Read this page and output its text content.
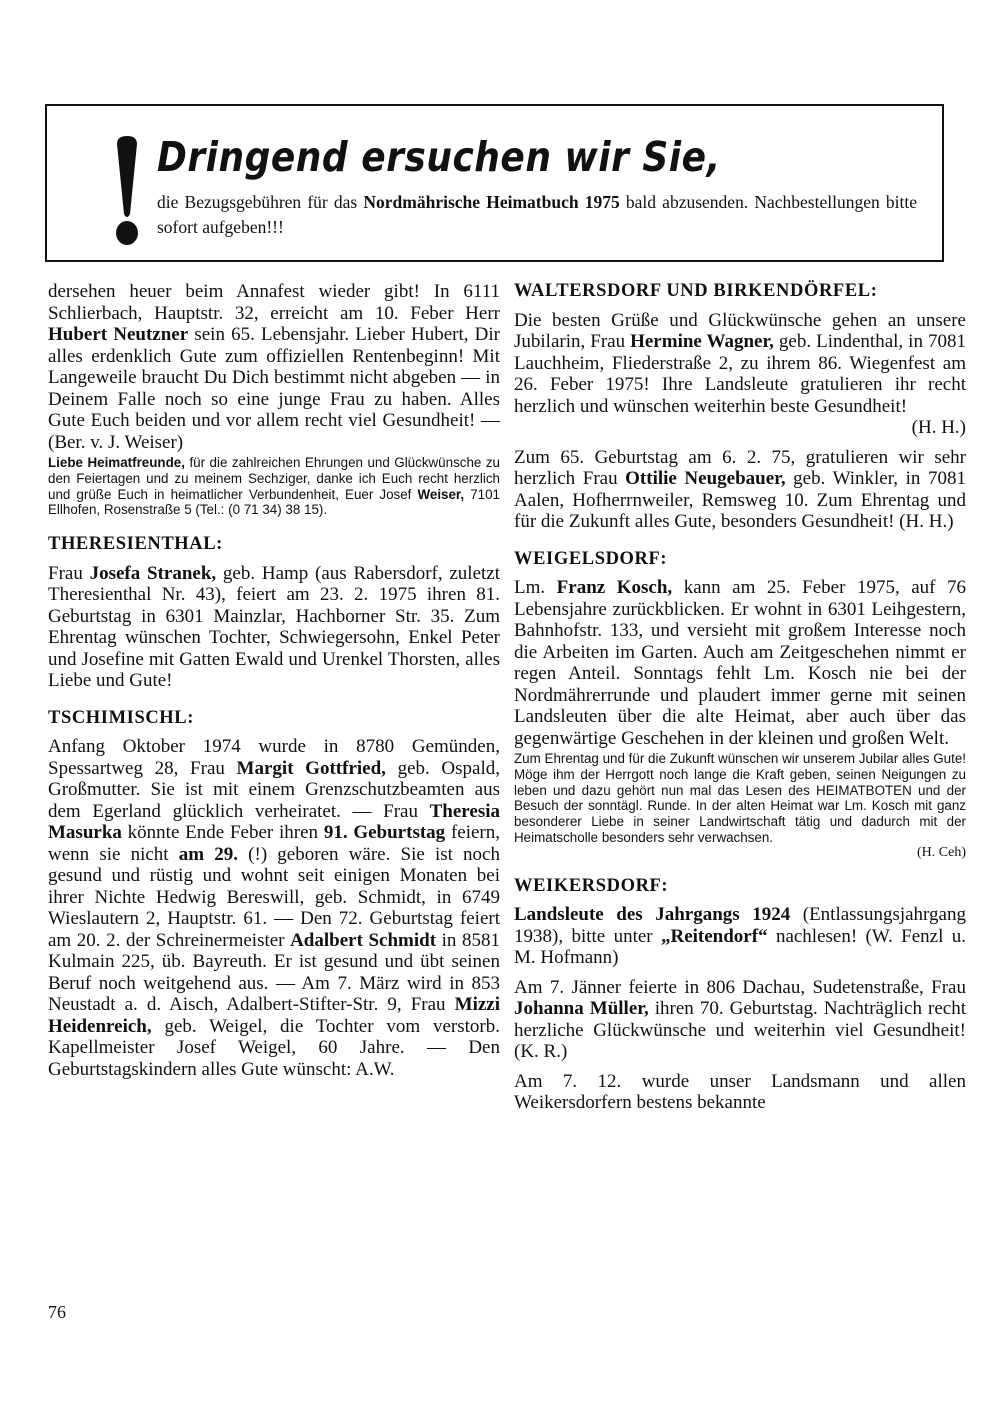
Dringend ersuchen wir Sie,
die Bezugsgebühren für das Nordmährische Heimatbuch 1975 bald abzusenden. Nachbestellungen bitte sofort aufgeben!!!

dersehen heuer beim Annafest wieder gibt! In 6111 Schlierbach, Hauptstr. 32, erreicht am 10. Feber Herr Hubert Neutzner sein 65. Lebensjahr. Lieber Hubert, Dir alles erdenklich Gute zum offiziellen Rentenbeginn! Mit Langeweile braucht Du Dich bestimmt nicht abgeben — in Deinem Falle noch so eine junge Frau zu haben. Alles Gute Euch beiden und vor allem recht viel Gesundheit! — (Ber. v. J. Weiser)

Liebe Heimatfreunde, für die zahlreichen Ehrungen und Glückwünsche zu den Feiertagen und zu meinem Sechziger, danke ich Euch recht herzlich und grüße Euch in heimatlicher Verbundenheit, Euer Josef Weiser, 7101 Ellhofen, Rosenstraße 5 (Tel.: (0 71 34) 38 15).

THERESIENTHAL:

Frau Josefa Stranek, geb. Hamp (aus Rabersdorf, zuletzt Theresienthal Nr. 43), feiert am 23. 2. 1975 ihren 81. Geburtstag in 6301 Mainzlar, Hachborner Str. 35. Zum Ehrentag wünschen Tochter, Schwiegersohn, Enkel Peter und Josefine mit Gatten Ewald und Urenkel Thorsten, alles Liebe und Gute!

TSCHIMISCHL:

Anfang Oktober 1974 wurde in 8780 Gemünden, Spessartweg 28, Frau Margit Gottfried, geb. Ospald, Großmutter. Sie ist mit einem Grenzschutzbeamten aus dem Egerland glücklich verheiratet. — Frau Theresia Masurka könnte Ende Feber ihren 91. Geburtstag feiern, wenn sie nicht am 29. (!) geboren wäre. Sie ist noch gesund und rüstig und wohnt seit einigen Monaten bei ihrer Nichte Hedwig Bereswill, geb. Schmidt, in 6749 Wieslautern 2, Hauptstr. 61. — Den 72. Geburtstag feiert am 20. 2. der Schreinermeister Adalbert Schmidt in 8581 Kulmain 225, üb. Bayreuth. Er ist gesund und übt seinen Beruf noch weitgehend aus. — Am 7. März wird in 853 Neustadt a. d. Aisch, Adalbert-Stifter-Str. 9, Frau Mizzi Heidenreich, geb. Weigel, die Tochter vom verstorb. Kapellmeister Josef Weigel, 60 Jahre. — Den Geburtstagskindern alles Gute wünscht: A.W.

WALTERSDORF UND BIRKENDÖRFEL:

Die besten Grüße und Glückwünsche gehen an unsere Jubilarin, Frau Hermine Wagner, geb. Lindenthal, in 7081 Lauchheim, Fliederstraße 2, zu ihrem 86. Wiegenfest am 26. Feber 1975! Ihre Landsleute gratulieren ihr recht herzlich und wünschen weiterhin beste Gesundheit!

(H. H.)

Zum 65. Geburtstag am 6. 2. 75, gratulieren wir sehr herzlich Frau Ottilie Neugebauer, geb. Winkler, in 7081 Aalen, Hofherrnweiler, Remsweg 10. Zum Ehrentag und für die Zukunft alles Gute, besonders Gesundheit! (H. H.)

WEIGELSDORF:

Lm. Franz Kosch, kann am 25. Feber 1975, auf 76 Lebensjahre zurückblicken. Er wohnt in 6301 Leihgestern, Bahnhofstr. 133, und versieht mit großem Interesse noch die Arbeiten im Garten. Auch am Zeitgeschehen nimmt er regen Anteil. Sonntags fehlt Lm. Kosch nie bei der Nordmährerrunde und plaudert immer gerne mit seinen Landsleuten über die alte Heimat, aber auch über das gegenwärtige Geschehen in der kleinen und großen Welt.

Zum Ehrentag und für die Zukunft wünschen wir unserem Jubilar alles Gute! Möge ihm der Herrgott noch lange die Kraft geben, seinen Neigungen zu leben und dazu gehört nun mal das Lesen des HEIMATBOTEN und der Besuch der sonntägl. Runde. In der alten Heimat war Lm. Kosch mit ganz besonderer Liebe in seiner Landwirtschaft tätig und dadurch mit der Heimatscholle besonders sehr verwachsen.

(H. Ceh)

WEIKERSDORF:

Landsleute des Jahrgangs 1924 (Entlassungsjahrgang 1938), bitte unter „Reitendorf“ nachlesen! (W. Fenzl u. M. Hofmann)

Am 7. Jänner feierte in 806 Dachau, Sudetenstraße, Frau Johanna Müller, ihren 70. Geburtstag. Nachträglich recht herzliche Glückwünsche und weiterhin viel Gesundheit! (K. R.)

Am 7. 12. wurde unser Landsmann und allen Weikersdorfern bestens bekannte

76
